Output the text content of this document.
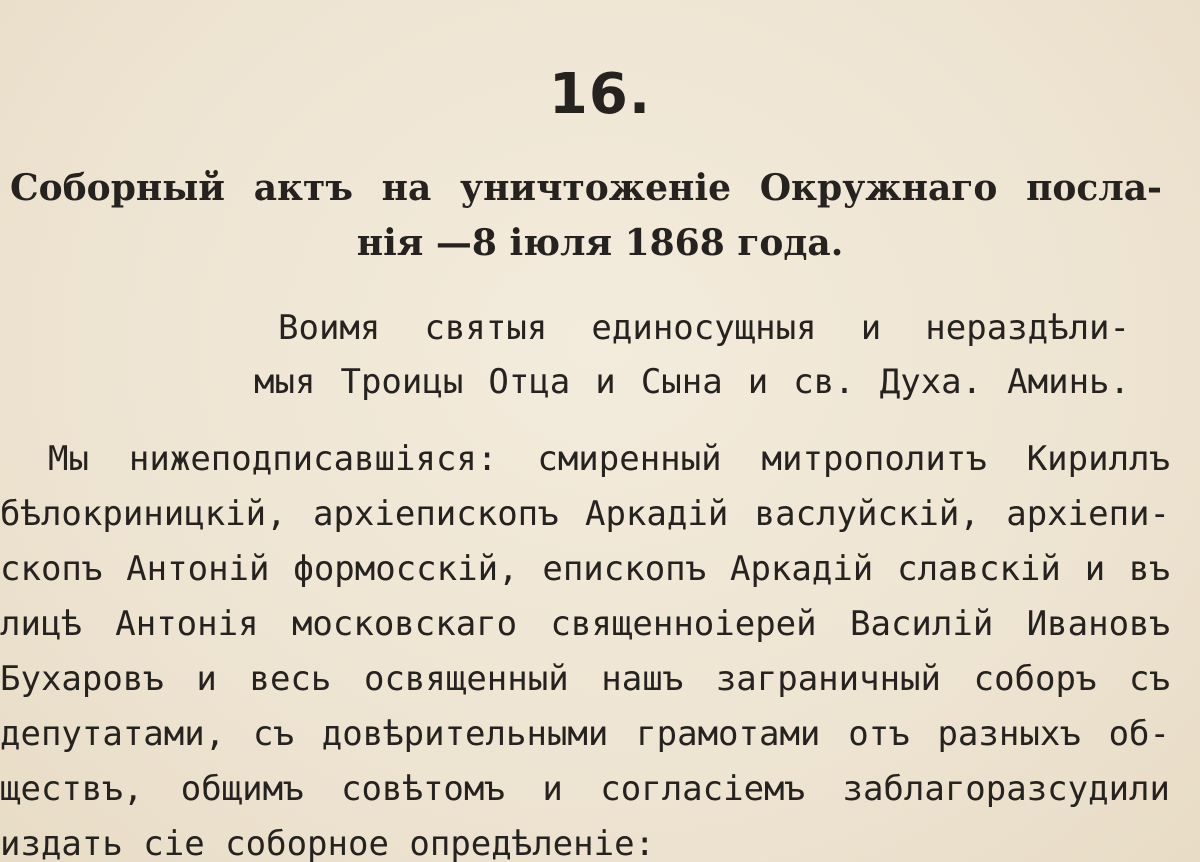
16.
Соборный актъ на уничтоженіе Окружнаго посла-
нія —8 іюля 1868 года.
Воимя святыя единосущныя и нераздѣли-
мыя Троицы Отца и Сына и св. Духа. Аминь.
Мы нижеподписавшіяся: смиренный митрополитъ Кириллъ
бѣлокриницкій, архіепископъ Аркадій васлуйскій, архіепи-
скопъ Антоній формосскій, епископъ Аркадій славскій и въ
лицѣ Антонія московскаго священноіерей Василій Ивановъ
Бухаровъ и весь освященный нашъ заграничный соборъ съ
депутатами, съ довѣрительными грамотами отъ разныхъ об-
ществъ, общимъ совѣтомъ и согласіемъ заблагоразсудили
издать сіе соборное опредѣленіе:
